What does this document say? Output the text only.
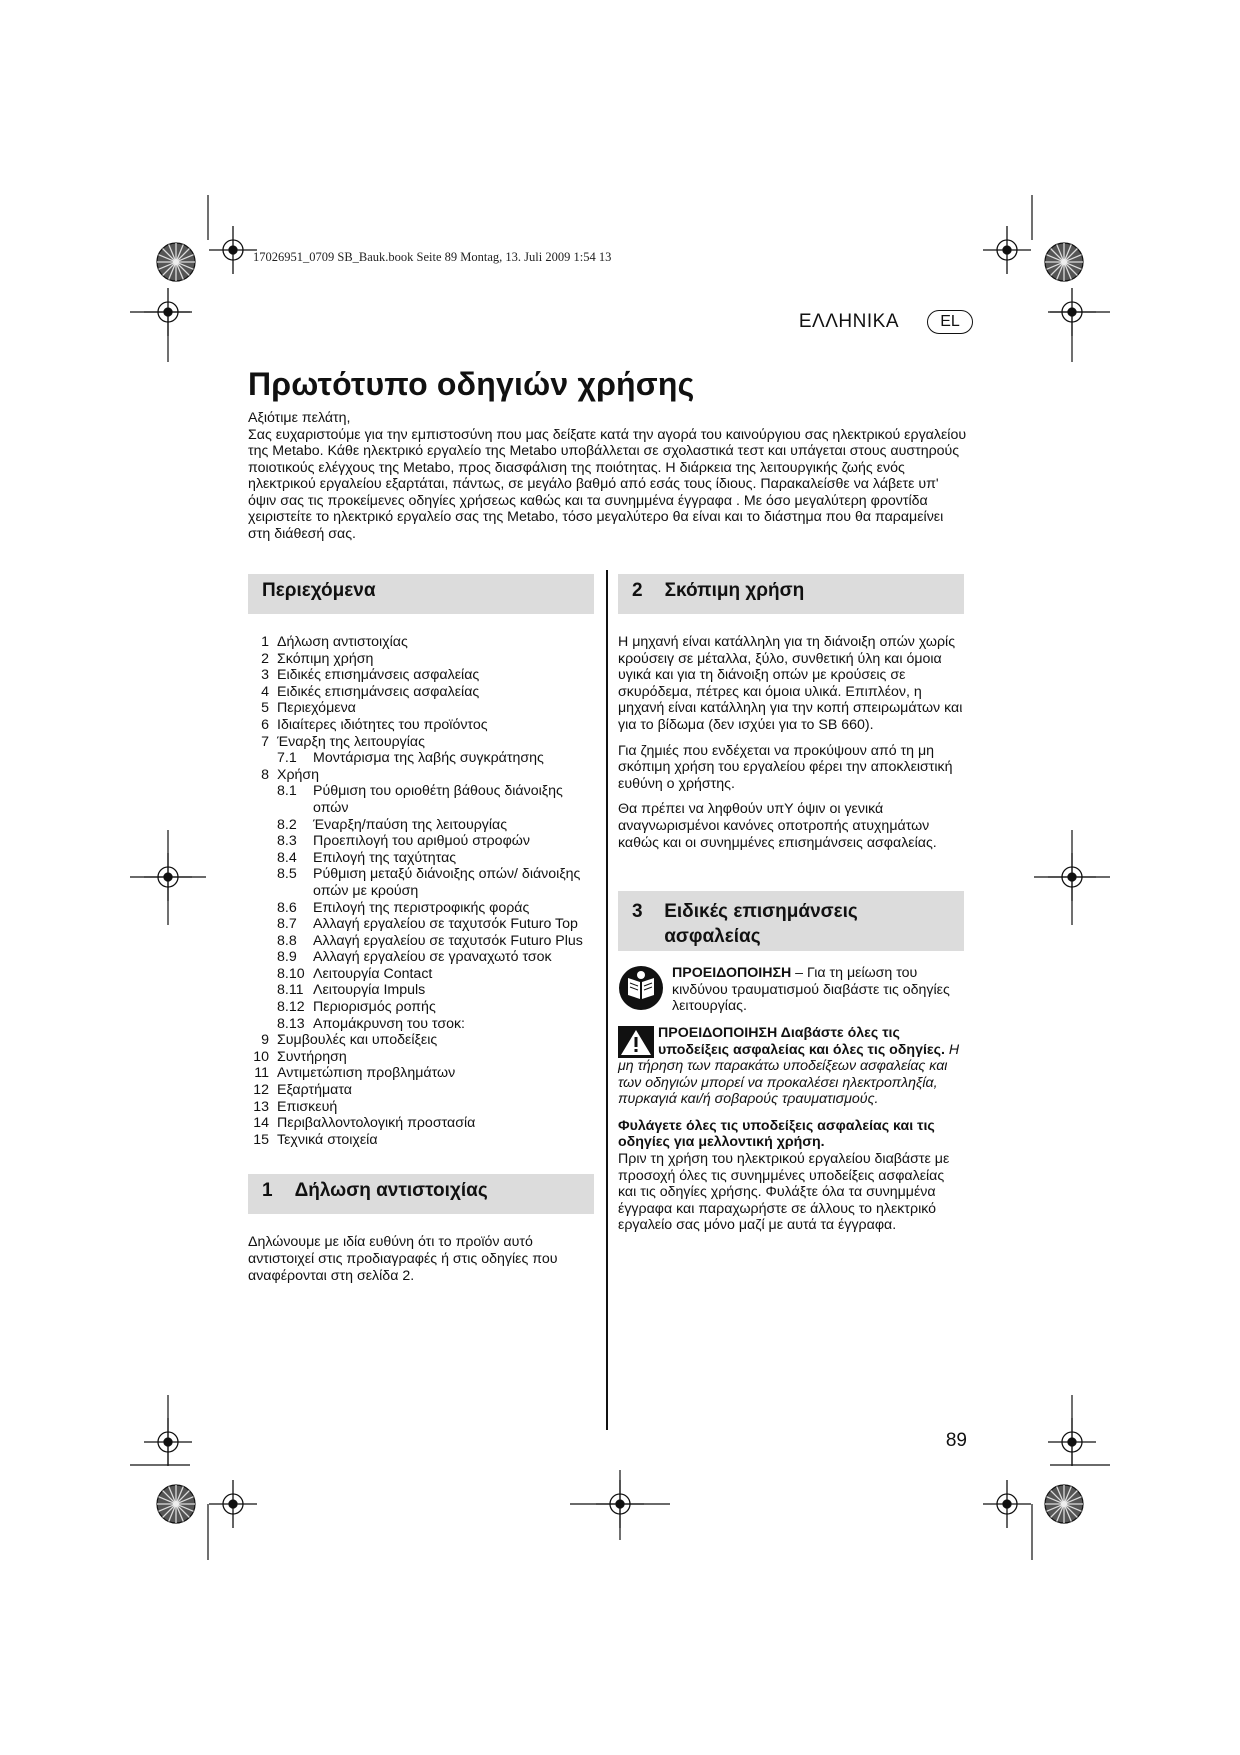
17026951_0709 SB_Bauk.book Seite 89 Montag, 13. Juli 2009 1:54 13
ΕΛΛΗΝΙΚΑ	EL
Πρωτότυπο οδηγιών χρήσης
Αξιότιμε πελάτη,
Σας ευχαριστούμε για την εμπιστοσύνη που μας δείξατε κατά την αγορά του καινούργιου σας ηλεκτρικού εργαλείου της Metabo. Κάθε ηλεκτρικό εργαλείο της Metabo υποβάλλεται σε σχολαστικά τεστ και υπάγεται στους αυστηρούς ποιοτικούς ελέγχους της Metabo, προς διασφάλιση της ποιότητας. Η διάρκεια της λειτουργικής ζωής ενός ηλεκτρικού εργαλείου εξαρτάται, πάντως, σε μεγάλο βαθμό από εσάς τους ίδιους. Παρακαλείσθε να λάβετε υπ' όψιν σας τις προκείμενες οδηγίες χρήσεως καθώς και τα συνημμένα έγγραφα . Με όσο μεγαλύτερη φροντίδα χειριστείτε το ηλεκτρικό εργαλείο σας της Metabo, τόσο μεγαλύτερο θα είναι και το διάστημα που θα παραμείνει στη διάθεσή σας.
Περιεχόμενα
1 Δήλωση αντιστοιχίας
2 Σκόπιμη χρήση
3 Ειδικές επισημάνσεις ασφαλείας
4 Ειδικές επισημάνσεις ασφαλείας
5 Περιεχόμενα
6 Ιδιαίτερες ιδιότητες του προϊόντος
7 Έναρξη της λειτουργίας
7.1	Μοντάρισμα της λαβής συγκράτησης
8 Χρήση
8.1	Ρύθμιση του οριοθέτη βάθους διάνοιξης οπών
8.2	Έναρξη/παύση της λειτουργίας
8.3	Προεπιλογή του αριθμού στροφών
8.4	Επιλογή της ταχύτητας
8.5	Ρύθμιση μεταξύ διάνοιξης οπών/ διάνοιξης οπών με κρούση
8.6	Επιλογή της περιστροφικής φοράς
8.7	Αλλαγή εργαλείου σε ταχυτσόκ Futuro Top
8.8	Αλλαγή εργαλείου σε ταχυτσόκ Futuro Plus
8.9	Αλλαγή εργαλείου σε γραναχωτό τσοκ
8.10 Λειτουργία Contact
8.11 Λειτουργία Impuls
8.12 Περιορισμός ροπής
8.13 Απομάκρυνση του τσοκ:
9 Συμβουλές και υποδείξεις
10 Συντήρηση
11 Αντιμετώπιση προβλημάτων
12 Εξαρτήματα
13 Επισκευή
14 Περιβαλλοντολογική προστασία
15 Τεχνικά στοιχεία
1 Δήλωση αντιστοιχίας
Δηλώνουμε με ιδία ευθύνη ότι το προϊόν αυτό αντιστοιχεί στις προδιαγραφές ή στις οδηγίες που αναφέρονται στη σελίδα 2.
2 Σκόπιμη χρήση

Η μηχανή είναι κατάλληλη για τη διάνοιξη οπών χωρίς κρούσειγ σε μέταλλα, ξύλο, συνθετική ύλη και όμοια υγικά και για τη διάνοιξη οπών με κρούσεις σε σκυρόδεμα, πέτρες και όμοια υλικά. Επιπλέον, η μηχανή είναι κατάλληλη για την κοπή σπειρωμάτων και για το βίδωμα (δεν ισχύει για το SB 660).

Για ζημιές που ενδέχεται να προκύψουν από τη μη σκόπιμη χρήση του εργαλείου φέρει την αποκλειστική ευθύνη ο χρήστης.

Θα πρέπει να ληφθούν υπΥ όψιν οι γενικά αναγνωρισμένοι κανόνες οποτροπής ατυχημάτων καθώς και οι συνημμένες επισημάνσεις ασφαλείας.

3 Ειδικές επισημάνσεις ασφαλείας
ΠΡΟΕΙΔΟΠΟΙΗΣΗ – Για τη μείωση του κινδύνου τραυματισμού διαβάστε τις οδηγίες λειτουργίας.
ΠΡΟΕΙΔΟΠΟΙΗΣΗ Διαβάστε όλες τις υποδείξεις ασφαλείας και όλες τις οδηγίες. Η μη τήρηση των παρακάτω υποδείξεων ασφαλείας και των οδηγιών μπορεί να προκαλέσει ηλεκτροπληξία, πυρκαγιά και/ή σοβαρούς τραυματισμούς.
Φυλάγετε όλες τις υποδείξεις ασφαλείας και τις οδηγίες για μελλοντική χρήση.
Πριν τη χρήση του ηλεκτρικού εργαλείου διαβάστε με προσοχή όλες τις συνημμένες υποδείξεις ασφαλείας και τις οδηγίες χρήσης. Φυλάξτε όλα τα συνημμένα έγγραφα και παραχωρήστε σε άλλους το ηλεκτρικό εργαλείο σας μόνο μαζί με αυτά τα έγγραφα.
89
